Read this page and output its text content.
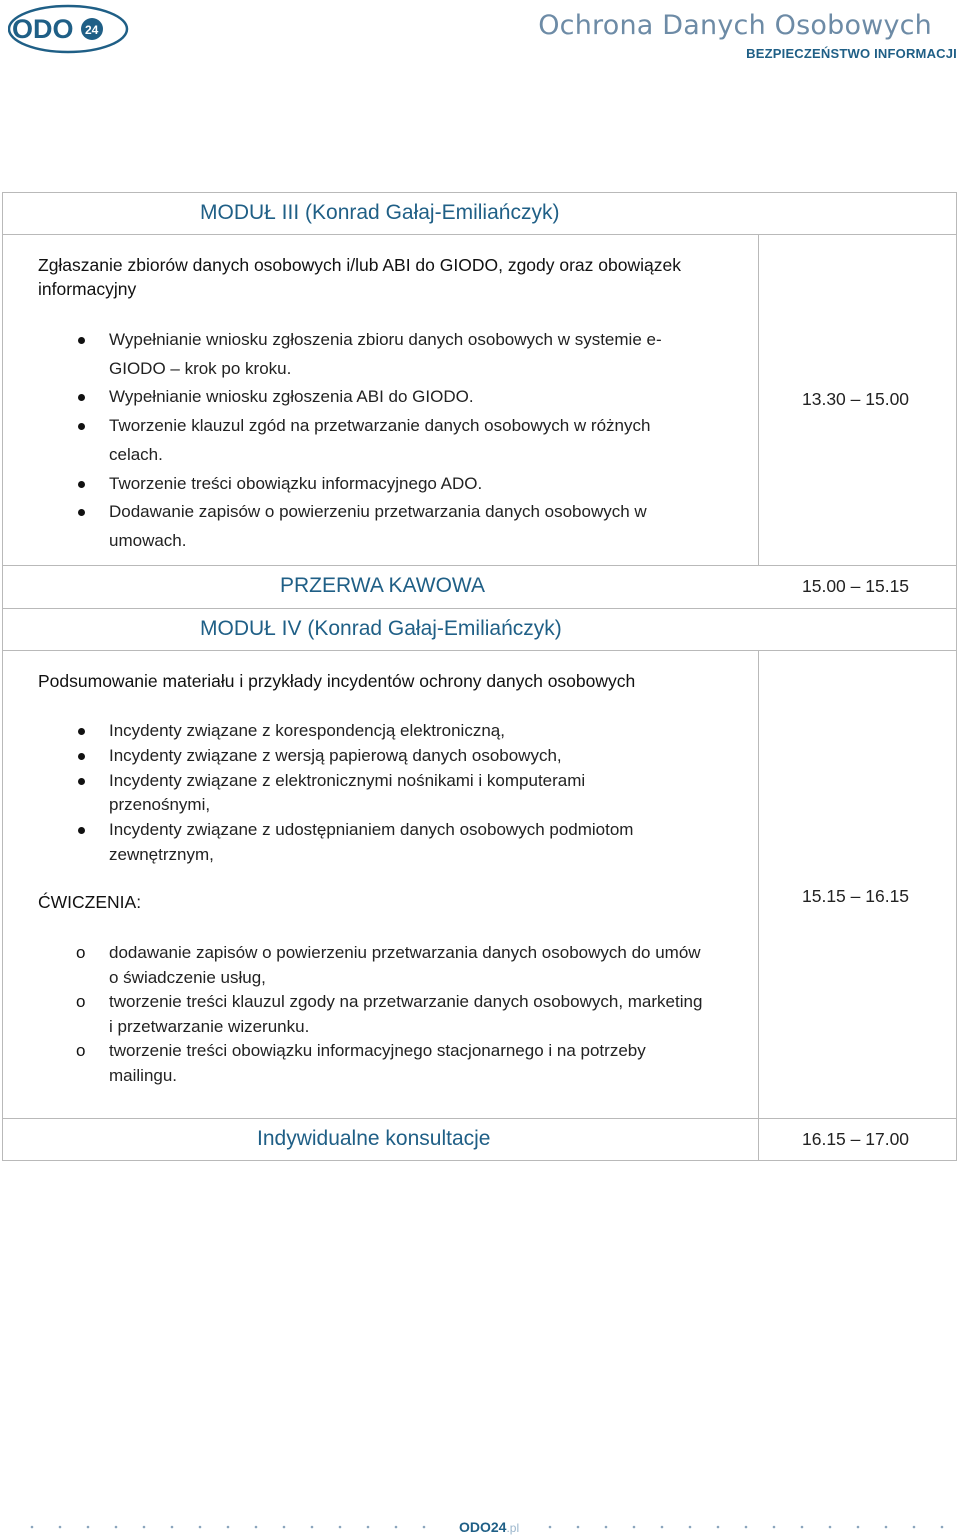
ODO 24	Ochrona Danych Osobowych
BEZPIECZEŃSTWO INFORMACJI
MODUŁ III (Konrad Gałaj-Emiliańczyk)
Zgłaszanie zbiorów danych osobowych i/lub ABI do GIODO, zgody oraz obowiązek informacyjny
Wypełnianie wniosku zgłoszenia zbioru danych osobowych w systemie e-GIODO – krok po kroku.
Wypełnianie wniosku zgłoszenia ABI do GIODO.
Tworzenie klauzul zgód na przetwarzanie danych osobowych w różnych celach.
Tworzenie treści obowiązku informacyjnego ADO.
Dodawanie zapisów o powierzeniu przetwarzania danych osobowych w umowach.
13.30 – 15.00
PRZERWA KAWOWA	15.00 – 15.15
MODUŁ IV (Konrad Gałaj-Emiliańczyk)
Podsumowanie materiału i przykłady incydentów ochrony danych osobowych
Incydenty związane z korespondencją elektroniczną,
Incydenty związane z wersją papierową danych osobowych,
Incydenty związane z elektronicznymi nośnikami i komputerami przenośnymi,
Incydenty związane z udostępnianiem danych osobowych podmiotom zewnętrznym,
ĆWICZENIA:
o dodawanie zapisów o powierzeniu przetwarzania danych osobowych do umów o świadczenie usług,
o tworzenie treści klauzul zgody na przetwarzanie danych osobowych, marketing i przetwarzanie wizerunku.
o tworzenie treści obowiązku informacyjnego stacjonarnego i na potrzeby mailingu.
15.15 – 16.15
Indywidualne konsultacje	16.15 – 17.00
ODO24.pl
